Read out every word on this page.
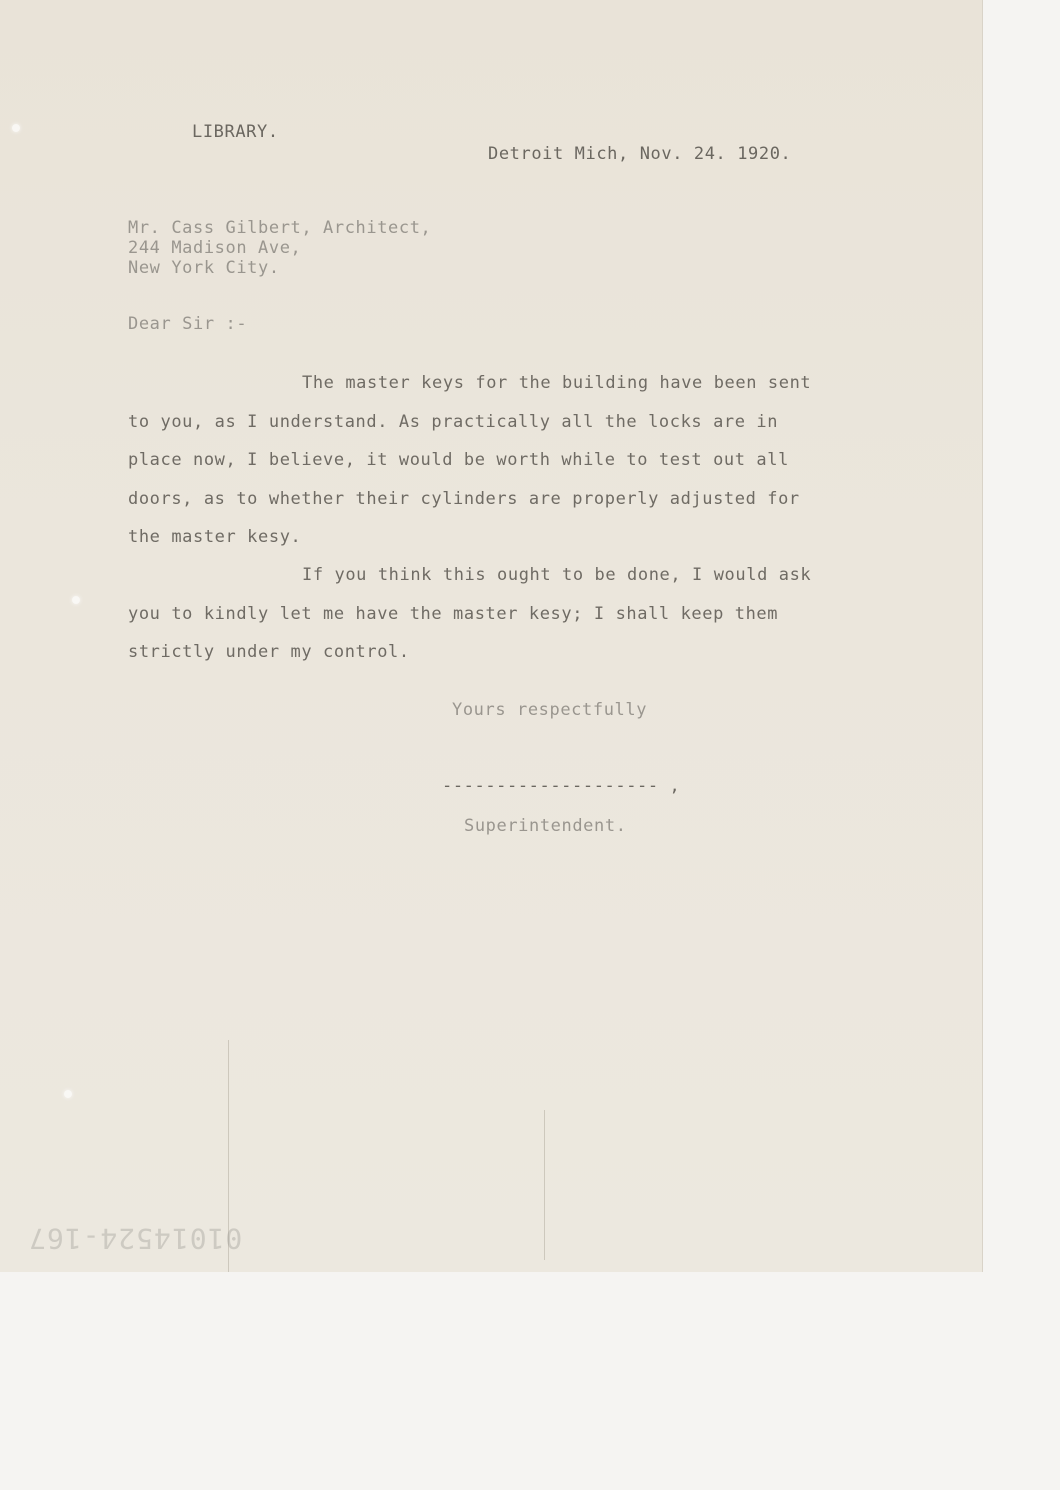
LIBRARY.
Detroit Mich, Nov. 24. 1920.
Mr. Cass Gilbert, Architect,
244 Madison Ave,
New York City.
Dear Sir :-
The master keys for the building have been sent
to you, as I understand. As practically all the locks are in
place now, I believe, it would be worth while to test out all
doors, as to whether their cylinders are properly adjusted for
the master kesy.
If you think this ought to be done, I would ask
you to kindly let me have the master kesy; I shall keep them
strictly under my control.
Yours respectfully
-------------------- ,
Superintendent.
01014524-167
